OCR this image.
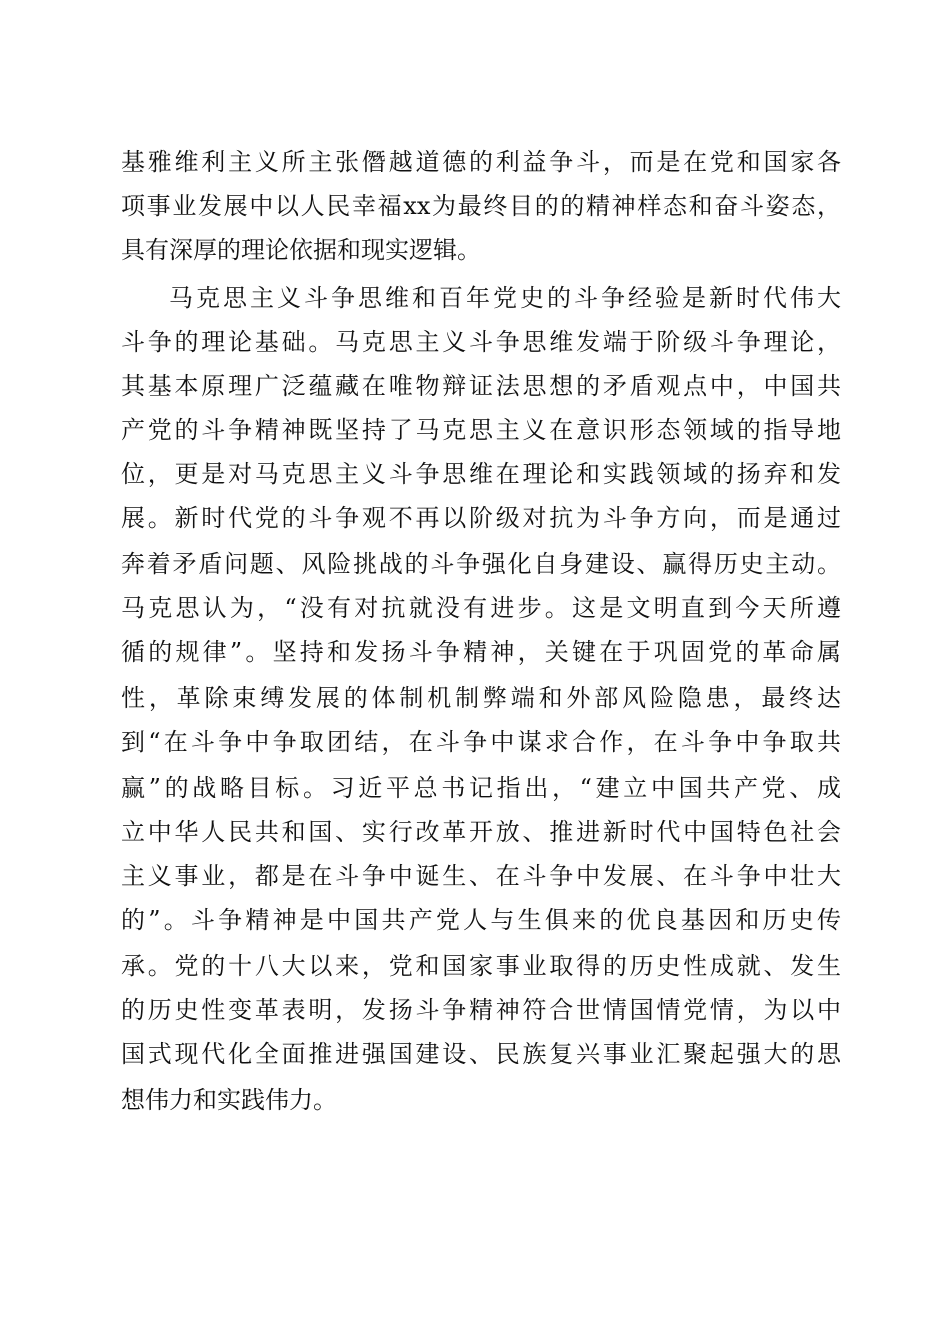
基雅维利主义所主张僭越道德的利益争斗，而是在党和国家各
项事业发展中以人民幸福xx为最终目的的精神样态和奋斗姿态，
具有深厚的理论依据和现实逻辑。
马克思主义斗争思维和百年党史的斗争经验是新时代伟大
斗争的理论基础。马克思主义斗争思维发端于阶级斗争理论，
其基本原理广泛蕴藏在唯物辩证法思想的矛盾观点中，中国共
产党的斗争精神既坚持了马克思主义在意识形态领域的指导地
位，更是对马克思主义斗争思维在理论和实践领域的扬弃和发
展。新时代党的斗争观不再以阶级对抗为斗争方向，而是通过
奔着矛盾问题、风险挑战的斗争强化自身建设、赢得历史主动。
马克思认为，“没有对抗就没有进步。这是文明直到今天所遵
循的规律”。坚持和发扬斗争精神，关键在于巩固党的革命属
性，革除束缚发展的体制机制弊端和外部风险隐患，最终达
到“在斗争中争取团结，在斗争中谋求合作，在斗争中争取共
赢”的战略目标。习近平总书记指出，“建立中国共产党、成
立中华人民共和国、实行改革开放、推进新时代中国特色社会
主义事业，都是在斗争中诞生、在斗争中发展、在斗争中壮大
的”。斗争精神是中国共产党人与生俱来的优良基因和历史传
承。党的十八大以来，党和国家事业取得的历史性成就、发生
的历史性变革表明，发扬斗争精神符合世情国情党情，为以中
国式现代化全面推进强国建设、民族复兴事业汇聚起强大的思
想伟力和实践伟力。
